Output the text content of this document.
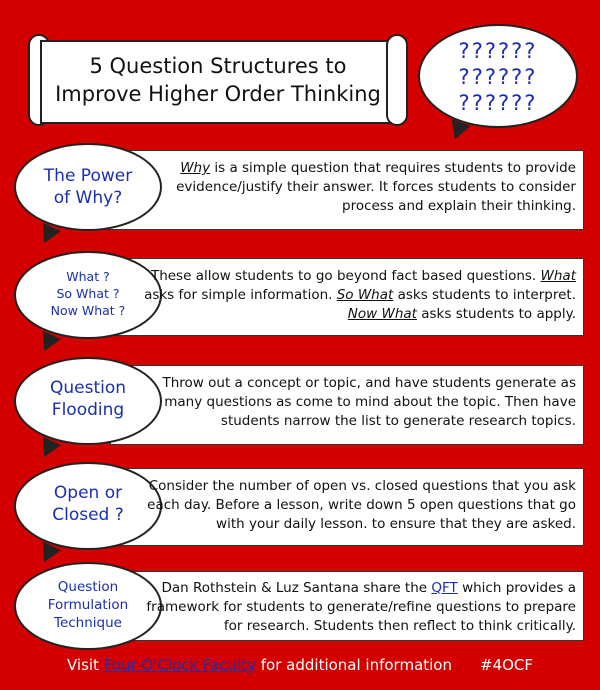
5 Question Structures to
Improve Higher Order Thinking
??????
??????
??????
The Power
of Why?
Why is a simple question that requires students to provide evidence/justify their answer. It forces students to consider process and explain their thinking.
What ?
So What ?
Now What ?
These allow students to go beyond fact based questions. What asks for simple information. So What asks students to interpret. Now What asks students to apply.
Question
Flooding
Throw out a concept or topic, and have students generate as many questions as come to mind about the topic. Then have students narrow the list to generate research topics.
Open or
Closed ?
Consider the number of open vs. closed questions that you ask each day. Before a lesson, write down 5 open questions that go with your daily lesson. to ensure that they are asked.
Question
Formulation
Technique
Dan Rothstein & Luz Santana share the QFT which provides a framework for students to generate/refine questions to prepare for research. Students then reflect to think critically.
Visit Four O'Clock Faculty for additional information #4OCF
